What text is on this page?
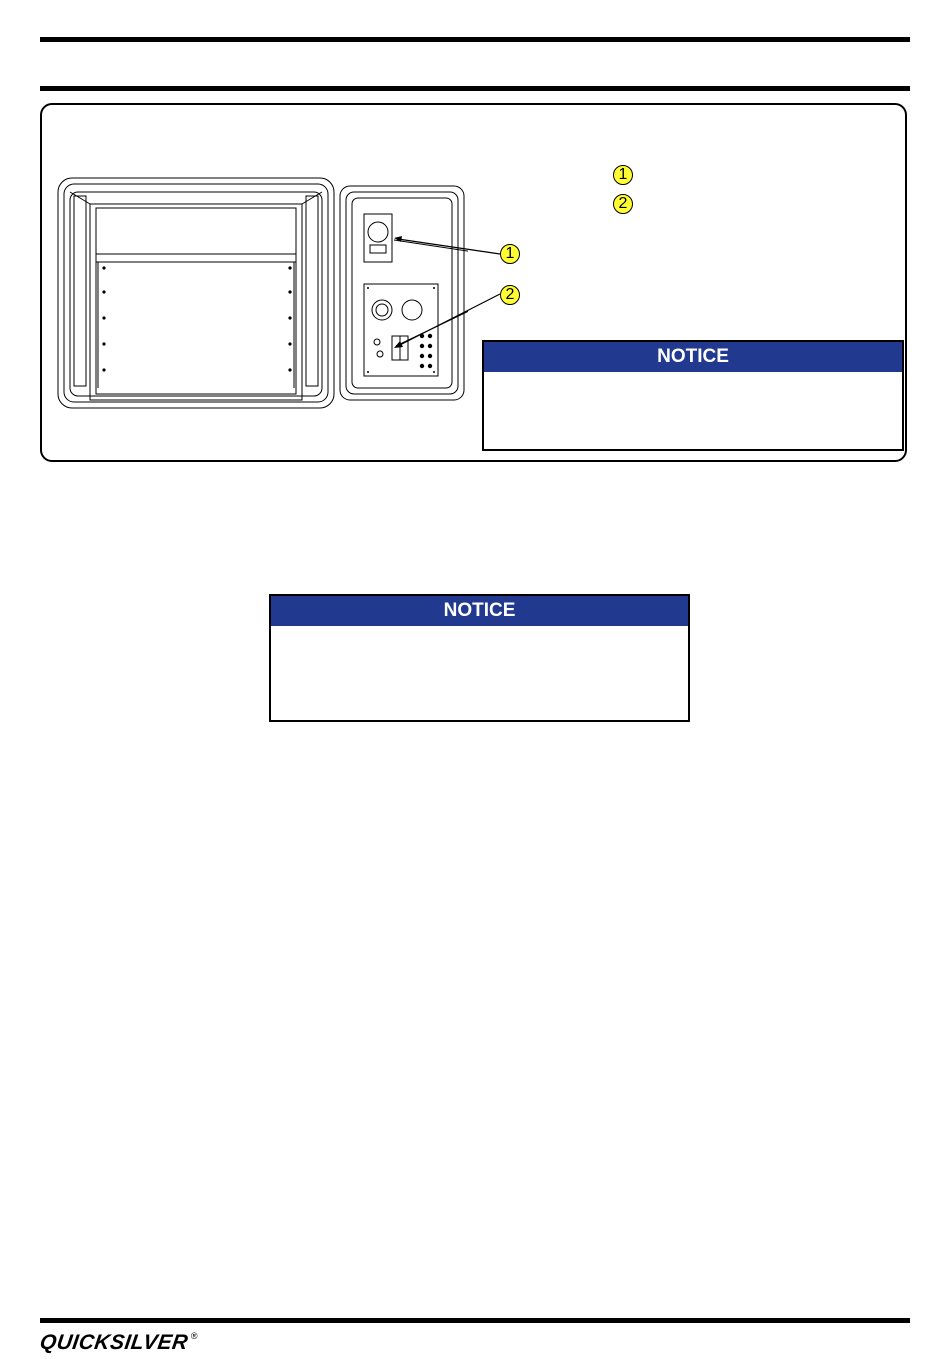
1
2
1
2
NOTICE
NOTICE
QUICKSILVER®
